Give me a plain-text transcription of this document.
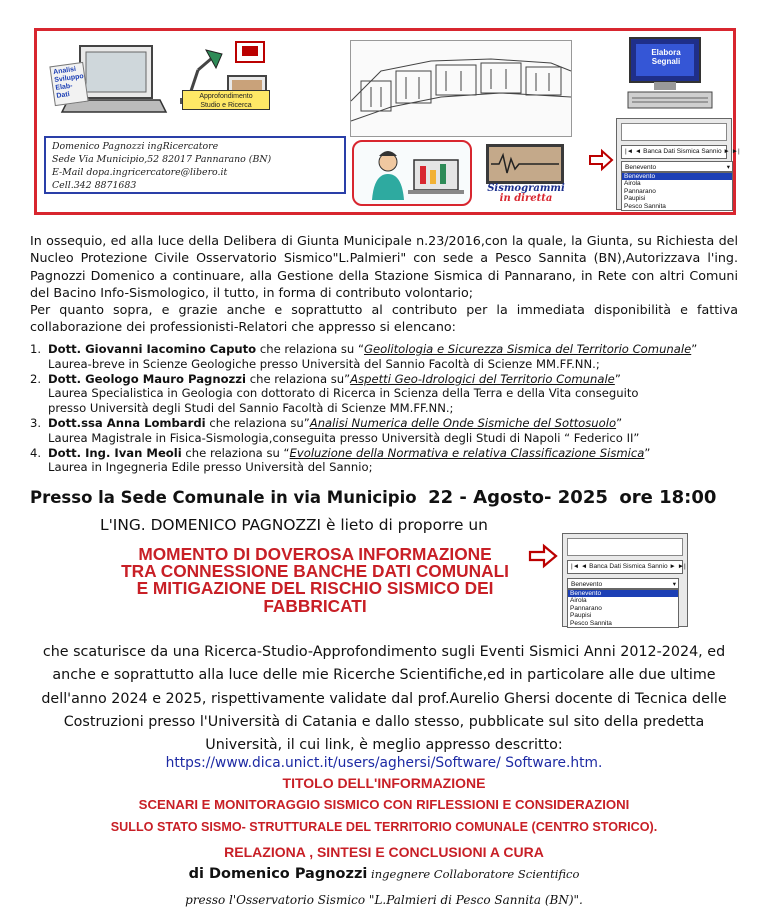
Analisi
Sviluppo
Elab-Dati	Approfondimento
Studio e Ricerca
Elabora
Segnali
Domenico Pagnozzi ingRicercatore
Sede Via Municipio,52 82017 Pannarano (BN)
E-Mail dopa.ingricercatore@libero.it
Cell.342 8871683	Sismogrammi
in diretta
|◄ ◄ Banca Dati Sismica Sannio ► ►|
Benevento	▾
Benevento
Airola
Pannarano
Paupisi
Pesco Sannita

In ossequio, ed alla luce della Delibera di Giunta Municipale n.23/2016,con la quale, la Giunta, su Richiesta del Nucleo Protezione Civile Osservatorio Sismico"L.Palmieri" con sede a Pesco Sannita (BN),Autorizzava l'ing. Pagnozzi Domenico a continuare, alla Gestione della Stazione Sismica di Pannarano, in Rete con altri Comuni del Bacino Info-Sismologico, il tutto, in forma di contributo volontario;

Per quanto sopra, e grazie anche e soprattutto al contributo per la immediata disponibilità e fattiva collaborazione dei professionisti-Relatori che appresso si elencano:

1. Dott. Giovanni Iacomino Caputo che relaziona su “Geolitologia e Sicurezza Sismica del Territorio Comunale”
Laurea-breve in Scienze Geologiche presso Università del Sannio Facoltà di Scienze MM.FF.NN.;
2. Dott. Geologo Mauro Pagnozzi che relaziona su”Aspetti Geo-Idrologici del Territorio Comunale”
Laurea Specialistica in Geologia con dottorato di Ricerca in Scienza della Terra e della Vita conseguito
presso Università degli Studi del Sannio Facoltà di Scienze MM.FF.NN.;
3. Dott.ssa Anna Lombardi che relaziona su”Analisi Numerica delle Onde Sismiche del Sottosuolo”
Laurea Magistrale in Fisica-Sismologia,conseguita presso Università degli Studi di Napoli “ Federico II”
4. Dott. Ing. Ivan Meoli che relaziona su “Evoluzione della Normativa e relativa Classificazione Sismica”
Laurea in Ingegneria Edile presso Università del Sannio;
Presso la Sede Comunale in via Municipio 22 - Agosto- 2025 ore 18:00
L'ING. DOMENICO PAGNOZZI è lieto di proporre un
MOMENTO DI DOVEROSA INFORMAZIONE
TRA CONNESSIONE BANCHE DATI COMUNALI
E MITIGAZIONE DEL RISCHIO SISMICO DEI
FABBRICATI
|◄ ◄ Banca Dati Sismica Sannio ► ►|
Benevento	▾
Benevento
Airola
Pannarano
Paupisi
Pesco Sannita

che scaturisce da una Ricerca-Studio-Approfondimento sugli Eventi Sismici Anni 2012-2024, ed

anche e soprattutto alla luce delle mie Ricerche Scientifiche,ed in particolare alle due ultime

dell'anno 2024 e 2025, rispettivamente validate dal prof.Aurelio Ghersi docente di Tecnica delle

Costruzioni presso l'Università di Catania e dallo stesso, pubblicate sul sito della predetta

Università, il cui link, è meglio appresso descritto:

https://www.dica.unict.it/users/aghersi/Software/ Software.htm.
TITOLO DELL'INFORMAZIONE
SCENARI E MONITORAGGIO SISMICO CON RIFLESSIONI E CONSIDERAZIONI
SULLO STATO SISMO- STRUTTURALE DEL TERRITORIO COMUNALE (CENTRO STORICO).
RELAZIONA , SINTESI E CONCLUSIONI A CURA
di Domenico Pagnozzi ingegnere Collaboratore Scientifico
presso l'Osservatorio Sismico "L.Palmieri di Pesco Sannita (BN)".
